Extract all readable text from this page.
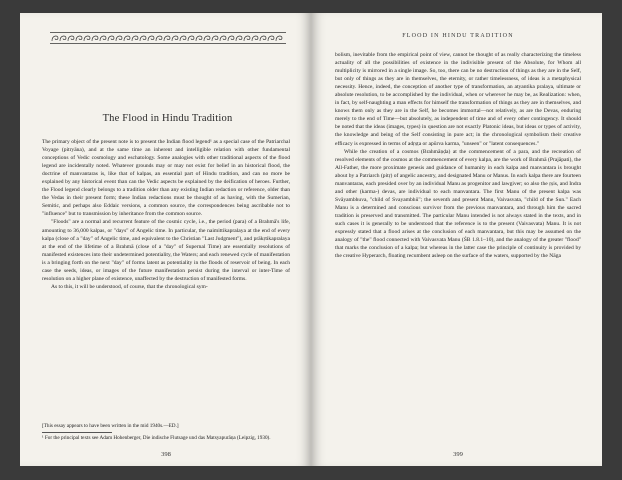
The Flood in Hindu Tradition

The primary object of the present note is to present the Indian flood legend¹ as a special case of the Patriarchal Voyage (pitryāna), and at the same time an inherent and intelligible relation with other fundamental conceptions of Vedic cosmology and eschatology. Some analogies with other traditional aspects of the flood legend are incidentally noted. Whatever grounds may or may not exist for belief in an historical flood, the doctrine of manvantaras is, like that of kalpas, an essential part of Hindu tradition, and can no more be explained by any historical event than can the Vedic aspects be explained by the deification of heroes. Further, the Flood legend clearly belongs to a tradition older than any existing Indian redaction or reference, older than the Vedas in their present form; these Indian redactions must be thought of as having, with the Sumerian, Semitic, and perhaps also Eddaic versions, a common source, the correspondences being ascribable not to "influence" but to transmission by inheritance from the common source.

"Floods" are a normal and recurrent feature of the cosmic cycle, i.e., the period (para) of a Brahmā's life, amounting to 36,000 kalpas, or "days" of Angelic time. In particular, the naimittikapralaya at the end of every kalpa (close of a "day" of Angelic time, and equivalent to the Christian "Last Judgment"), and prākṛtikapralaya at the end of the lifetime of a Brahmā (close of a "day" of Supernal Time) are essentially resolutions of manifested existences into their undetermined potentiality, the Waters; and each renewed cycle of manifestation is a bringing forth on the next "day" of forms latent as potentiality in the floods of reservoir of being. In each case the seeds, ideas, or images of the future manifestation persist during the interval or inter-Time of resolution on a higher plane of existence, unaffected by the destruction of manifested forms.

As to this, it will be understood, of course, that the chronological sym-

[This essay appears to have been written in the mid 1940s.—ED.]
¹ For the principal texts see Adam Hohenberger, Die indische Flutsage und das Matsyapurāṇa (Leipzig, 1930).
398
FLOOD IN HINDU TRADITION

bolism, inevitable from the empirical point of view, cannot be thought of as really characterizing the timeless actuality of all the possibilities of existence in the indivisible present of the Absolute, for Whom all multiplicity is mirrored in a single image. So, too, there can be no destruction of things as they are in the Self, but only of things as they are in themselves, the eternity, or rather timelessness, of ideas is a metaphysical necessity. Hence, indeed, the conception of another type of transformation, an atyantika pralaya, ultimate or absolute resolution, to be accomplished by the individual, when or wherever he may be, as Realization: when, in fact, by self-naughting a man effects for himself the transformation of things as they are in themselves, and knows them only as they are in the Self, he becomes immortal—not relatively, as are the Devas, enduring merely to the end of Time—but absolutely, as independent of time and of every other contingency. It should be noted that the ideas (images, types) in question are not exactly Platonic ideas, but ideas or types of activity, the knowledge and being of the Self consisting in pure act; in the chronological symbolism their creative efficacy is expressed in terms of adṛṣṭa or apūrva karma, "unseen" or "latent consequences."

While the creation of a cosmos (Brahmāṇḍa) at the commencement of a para, and the recreation of resolved elements of the cosmos at the commencement of every kalpa, are the work of Brahmā (Prajāpati), the All-Father, the more proximate genesis and guidance of humanity in each kalpa and manvantara is brought about by a Patriarch (pitṛ) of angelic ancestry, and designated Manu or Manus. In each kalpa there are fourteen manvantaras, each presided over by an individual Manu as progenitor and lawgiver; so also the ṛṣis, and Indra and other (karma-) devas, are individual to each manvantara. The first Manu of the present kalpa was Svāyambhuva, "child of Svayambhū"; the seventh and present Manu, Vaivasvata, "child of the Sun." Each Manu is a determined and conscious survivor from the previous manvantara, and through him the sacred tradition is preserved and transmitted. The particular Manu intended is not always stated in the texts, and in such cases it is generally to be understood that the reference is to the present (Vaivasvata) Manu. It is not expressly stated that a flood arises at the conclusion of each manvantara, but this may be assumed on the analogy of "the" flood connected with Vaivasvata Manu (ŚB 1.8.1–10), and the analogy of the greater "flood" that marks the conclusion of a kalpa; but whereas in the latter case the principle of continuity is provided by the creative Hyperarch, floating recumbent asleep on the surface of the waters, supported by the Nāga

399
